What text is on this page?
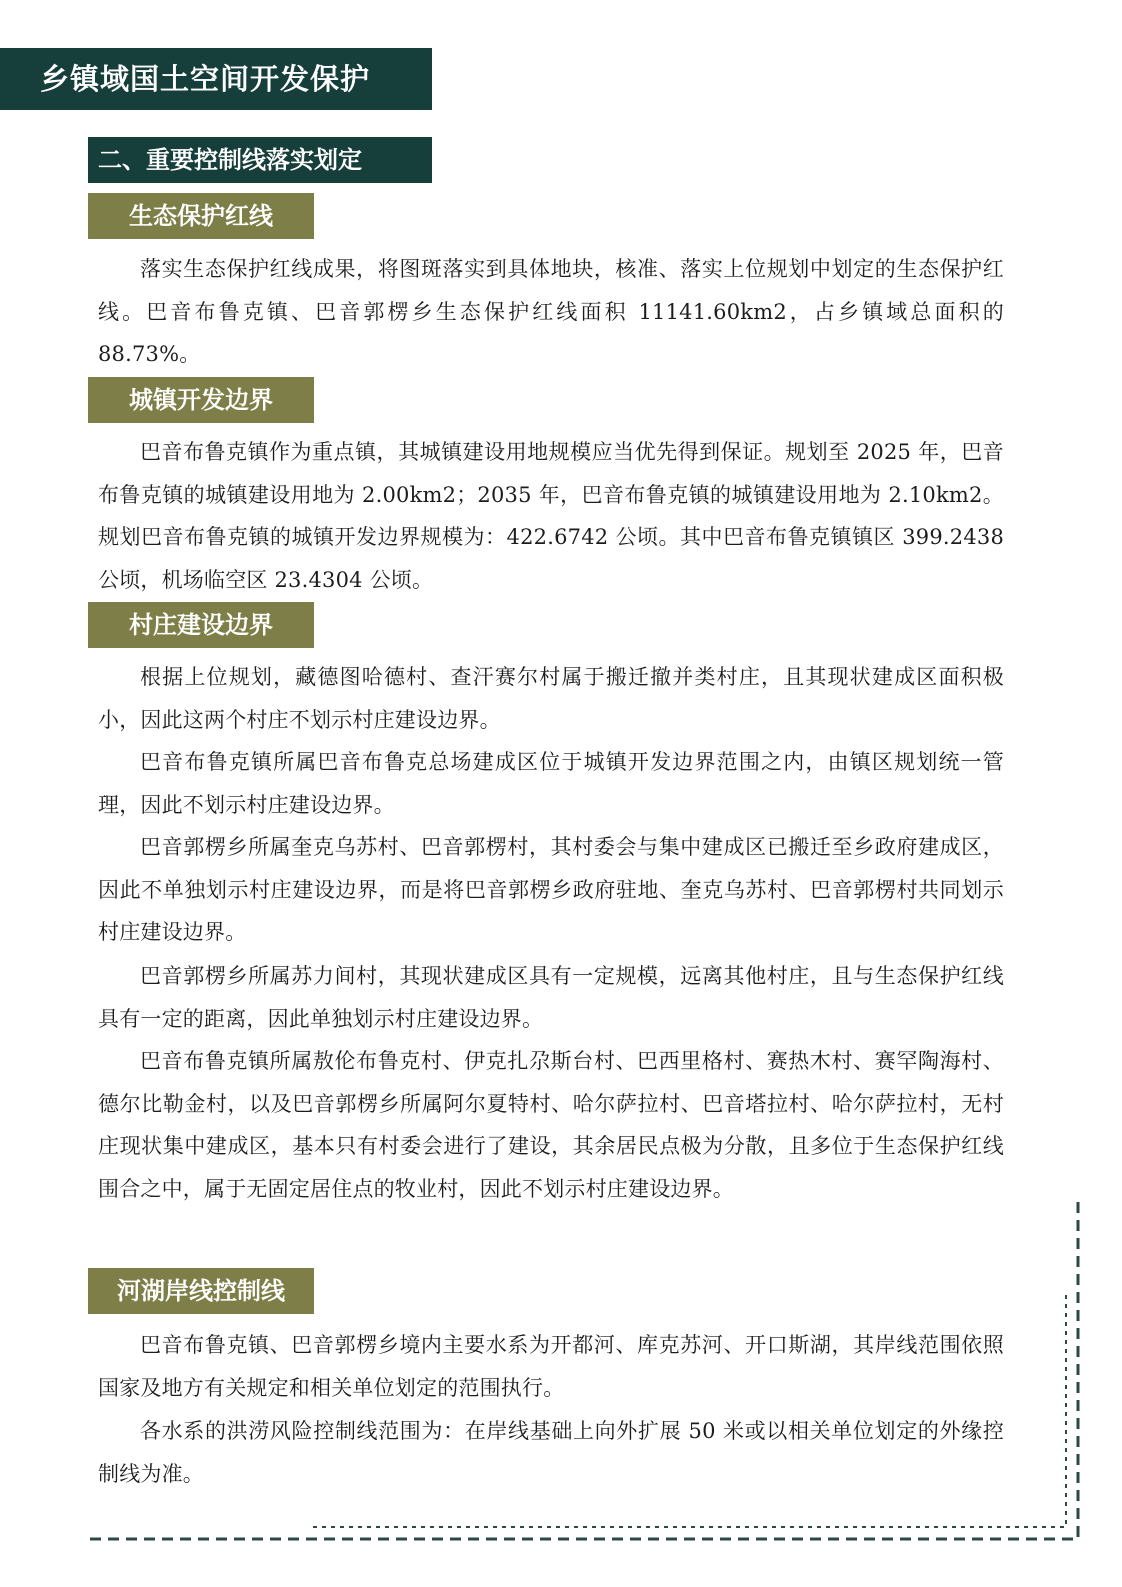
乡镇域国土空间开发保护
二、重要控制线落实划定
生态保护红线

落实生态保护红线成果，将图斑落实到具体地块，核准、落实上位规划中划定的生态保护红线。巴音布鲁克镇、巴音郭楞乡生态保护红线面积 11141.60km2，占乡镇域总面积的 88.73%。

城镇开发边界

巴音布鲁克镇作为重点镇，其城镇建设用地规模应当优先得到保证。规划至 2025 年，巴音布鲁克镇的城镇建设用地为 2.00km2；2035 年，巴音布鲁克镇的城镇建设用地为 2.10km2。规划巴音布鲁克镇的城镇开发边界规模为：422.6742 公顷。其中巴音布鲁克镇镇区 399.2438 公顷，机场临空区 23.4304 公顷。

村庄建设边界

根据上位规划，藏德图哈德村、查汗赛尔村属于搬迁撤并类村庄，且其现状建成区面积极小，因此这两个村庄不划示村庄建设边界。

巴音布鲁克镇所属巴音布鲁克总场建成区位于城镇开发边界范围之内，由镇区规划统一管理，因此不划示村庄建设边界。

巴音郭楞乡所属奎克乌苏村、巴音郭楞村，其村委会与集中建成区已搬迁至乡政府建成区，因此不单独划示村庄建设边界，而是将巴音郭楞乡政府驻地、奎克乌苏村、巴音郭楞村共同划示村庄建设边界。

巴音郭楞乡所属苏力间村，其现状建成区具有一定规模，远离其他村庄，且与生态保护红线具有一定的距离，因此单独划示村庄建设边界。

巴音布鲁克镇所属敖伦布鲁克村、伊克扎尕斯台村、巴西里格村、赛热木村、赛罕陶海村、德尔比勒金村，以及巴音郭楞乡所属阿尔夏特村、哈尔萨拉村、巴音塔拉村、哈尔萨拉村，无村庄现状集中建成区，基本只有村委会进行了建设，其余居民点极为分散，且多位于生态保护红线围合之中，属于无固定居住点的牧业村，因此不划示村庄建设边界。

河湖岸线控制线

巴音布鲁克镇、巴音郭楞乡境内主要水系为开都河、库克苏河、开口斯湖，其岸线范围依照国家及地方有关规定和相关单位划定的范围执行。

各水系的洪涝风险控制线范围为：在岸线基础上向外扩展 50 米或以相关单位划定的外缘控制线为准。
